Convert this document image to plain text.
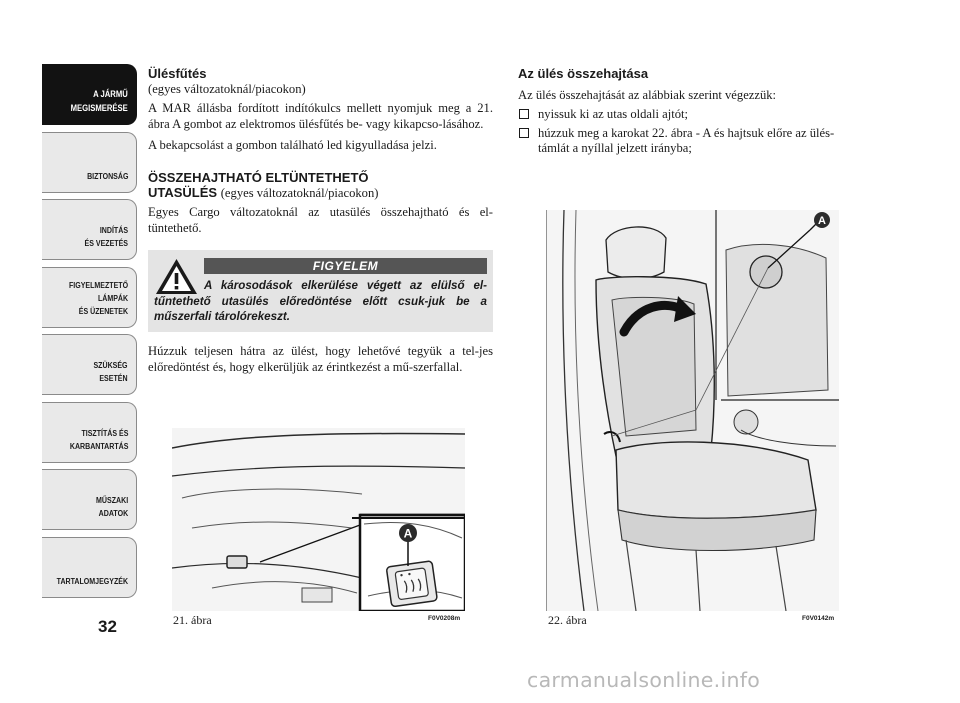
A JÁRMŰ
MEGISMERÉSE
BIZTONSÁG
INDÍTÁS
ÉS VEZETÉS
FIGYELMEZTETŐ
LÁMPÁK
ÉS ÜZENETEK
SZÜKSÉG
ESETÉN
TISZTÍTÁS ÉS
KARBANTARTÁS
MŰSZAKI
ADATOK
TARTALOMJEGYZÉK
32
Ülésfűtés
(egyes változatoknál/piacokon)

A MAR állásba fordított indítókulcs mellett nyomjuk meg a 21. ábra A gombot az elektromos ülésfűtés be- vagy kikapcso-lásához.

A bekapcsolást a gombon található led kigyulladása jelzi.

ÖSSZEHAJTHATÓ ELTÜNTETHETŐ
UTASÜLÉS (egyes változatoknál/piacokon)

Egyes Cargo változatoknál az utasülés összehajtható és el-tüntethető.

FIGYELEM

A károsodások elkerülése végett az elülső el-tűntethető utasülés előredöntése előtt csuk-juk be a műszerfali tárolórekeszt.

Húzzuk teljesen hátra az ülést, hogy lehetővé tegyük a tel-jes előredöntést és, hogy elkerüljük az érintkezést a mű-szerfallal.

A
21. ábra	F0V0208m
Az ülés összehajtása

Az ülés összehajtását az alábbiak szerint végezzük:

nyissuk ki az utas oldali ajtót;
húzzuk meg a karokat 22. ábra - A és hajtsuk előre az ülés-támlát a nyíllal jelzett irányba;
A
22. ábra	F0V0142m
carmanualsonline.info
